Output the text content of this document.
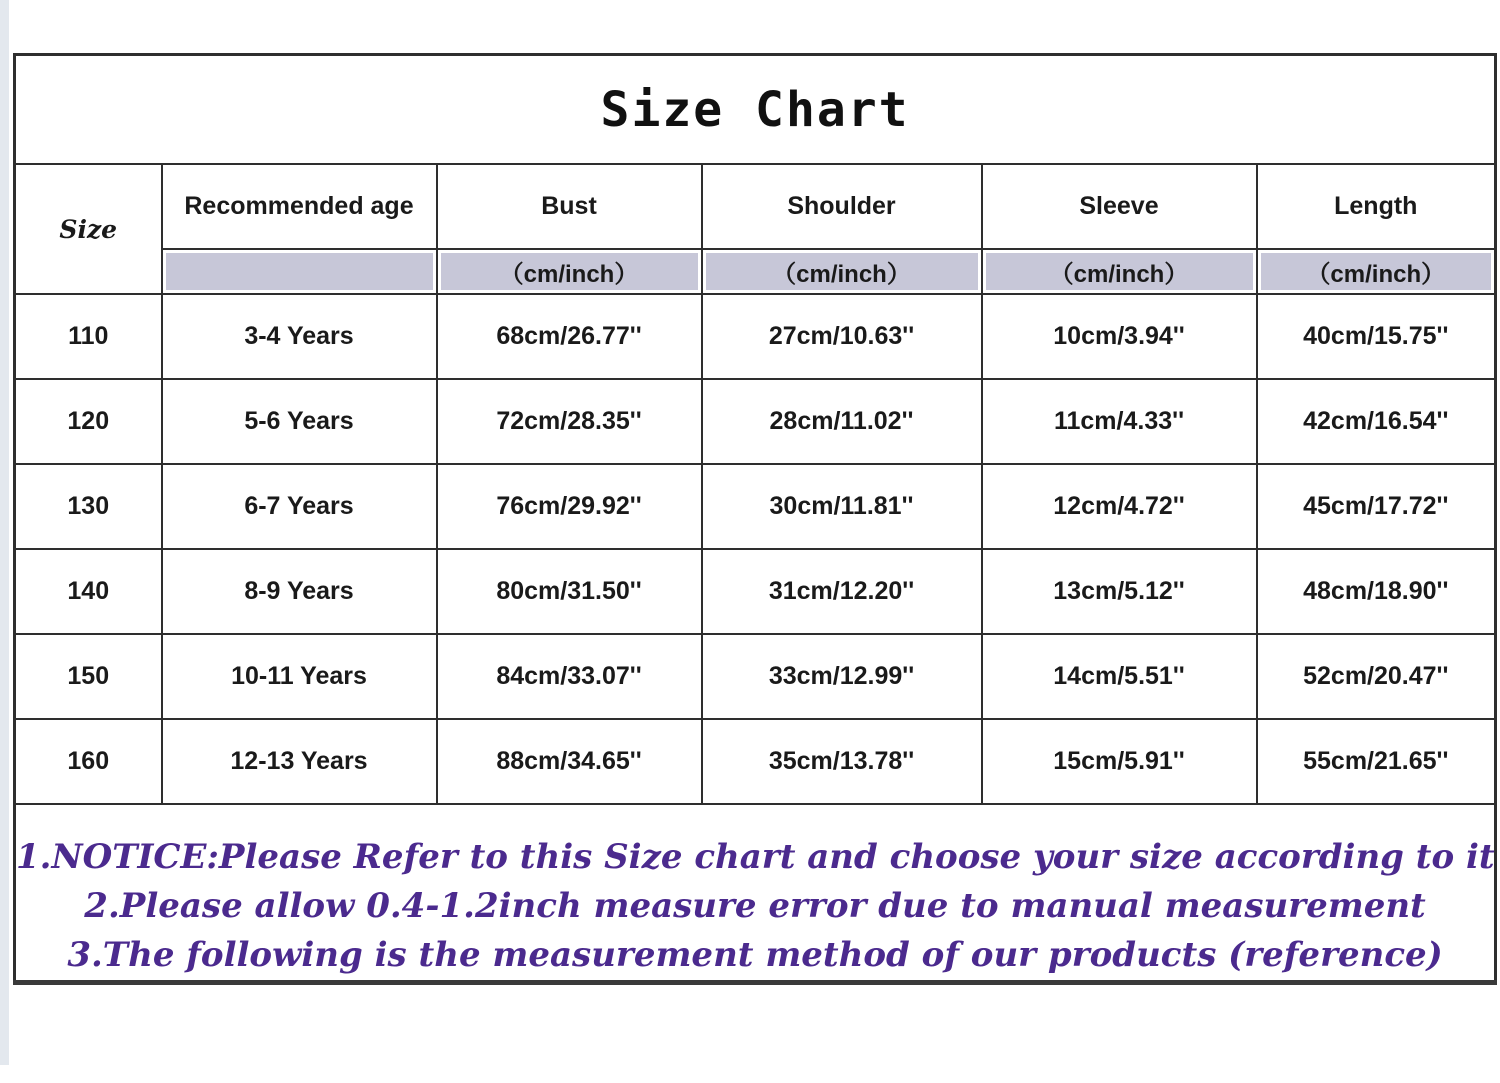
Size Chart					
Size	Recommended age	Bust	Shoulder	Sleeve	Length
		（cm/inch）	（cm/inch）	（cm/inch）	（cm/inch）
110	3-4 Years	68cm/26.77''	27cm/10.63''	10cm/3.94''	40cm/15.75''
120	5-6 Years	72cm/28.35''	28cm/11.02''	11cm/4.33''	42cm/16.54''
130	6-7 Years	76cm/29.92''	30cm/11.81''	12cm/4.72''	45cm/17.72''
140	8-9 Years	80cm/31.50''	31cm/12.20''	13cm/5.12''	48cm/18.90''
150	10-11 Years	84cm/33.07''	33cm/12.99''	14cm/5.51''	52cm/20.47''
160	12-13 Years	88cm/34.65''	35cm/13.78''	15cm/5.91''	55cm/21.65''

1.NOTICE:Please Refer to this Size chart and choose your size according to it
2.Please allow 0.4-1.2inch measure error due to manual measurement
3.The following is the measurement method of our products (reference)					
